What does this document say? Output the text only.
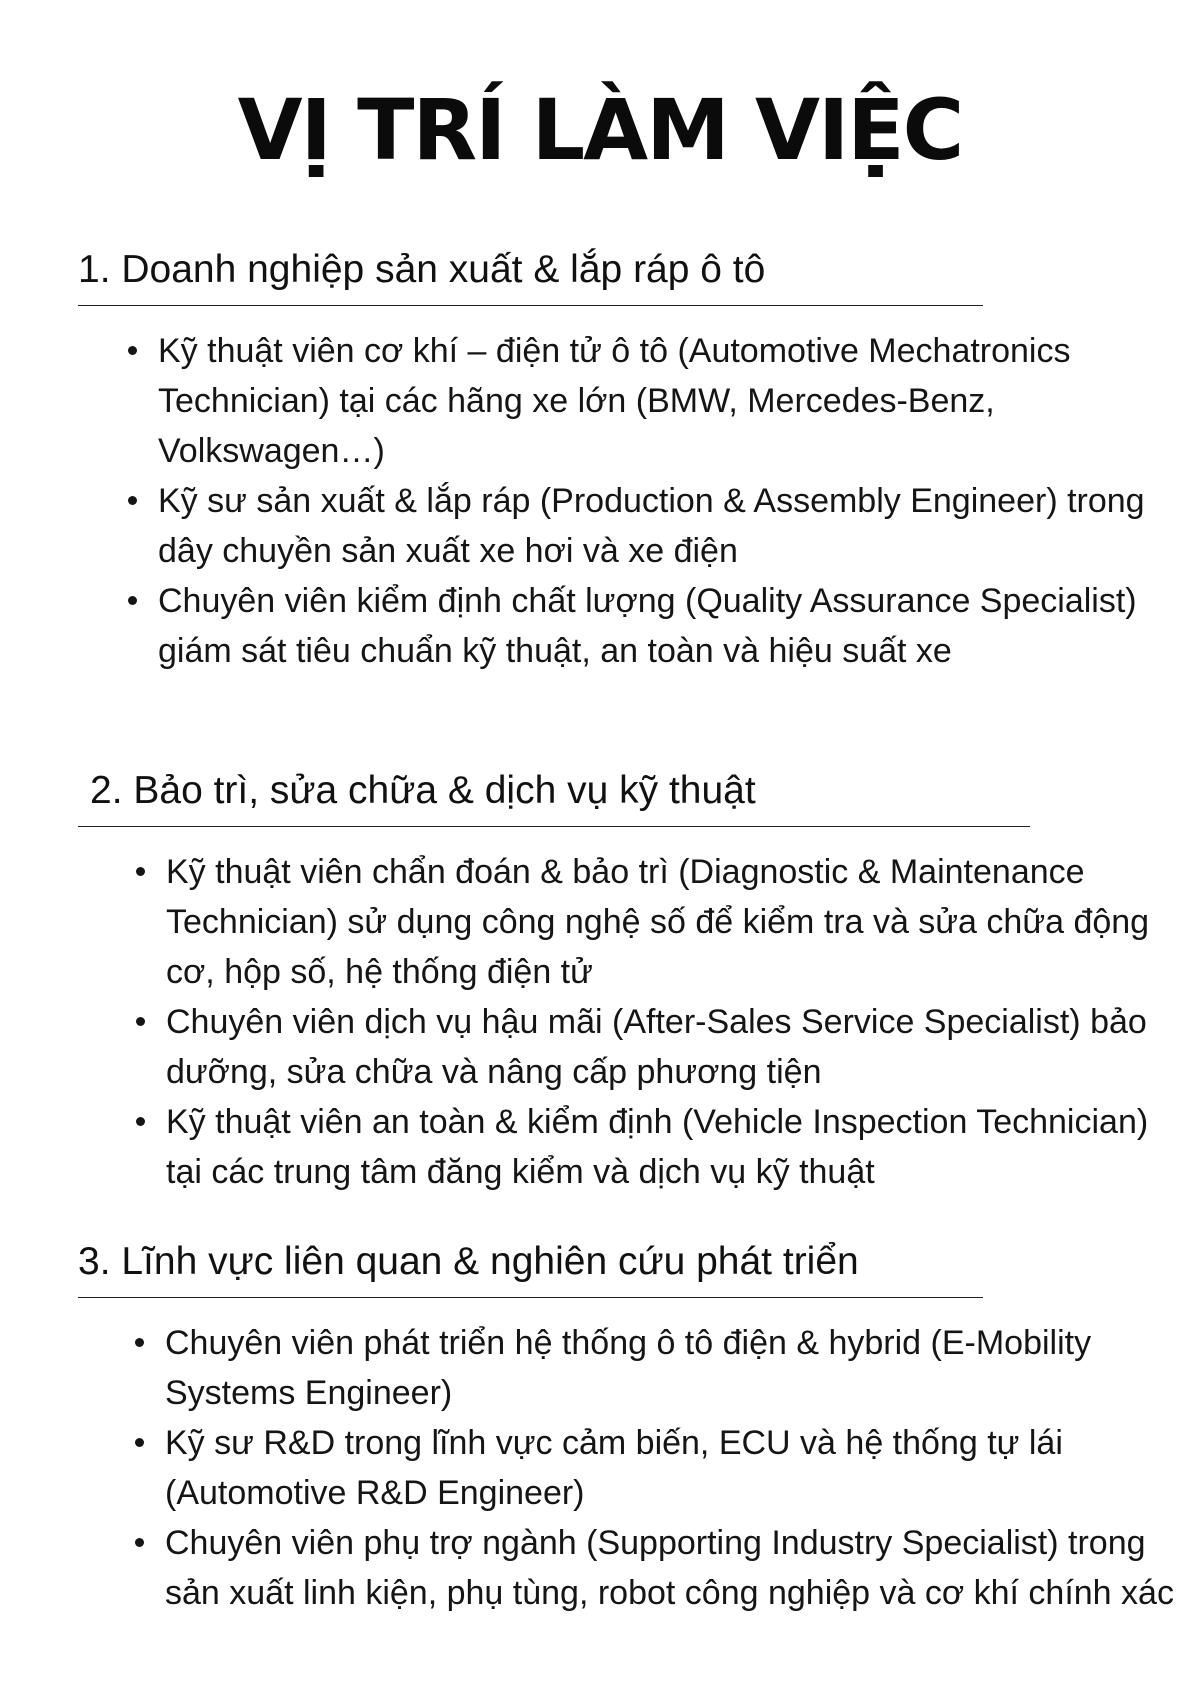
VỊ TRÍ LÀM VIỆC
1. Doanh nghiệp sản xuất & lắp ráp ô tô
Kỹ thuật viên cơ khí – điện tử ô tô (Automotive Mechatronics Technician) tại các hãng xe lớn (BMW, Mercedes-Benz, Volkswagen…)
Kỹ sư sản xuất & lắp ráp (Production & Assembly Engineer) trong dây chuyền sản xuất xe hơi và xe điện
Chuyên viên kiểm định chất lượng (Quality Assurance Specialist) giám sát tiêu chuẩn kỹ thuật, an toàn và hiệu suất xe
2. Bảo trì, sửa chữa & dịch vụ kỹ thuật
Kỹ thuật viên chẩn đoán & bảo trì (Diagnostic & Maintenance Technician) sử dụng công nghệ số để kiểm tra và sửa chữa động cơ, hộp số, hệ thống điện tử
Chuyên viên dịch vụ hậu mãi (After-Sales Service Specialist) bảo dưỡng, sửa chữa và nâng cấp phương tiện
Kỹ thuật viên an toàn & kiểm định (Vehicle Inspection Technician) tại các trung tâm đăng kiểm và dịch vụ kỹ thuật
3. Lĩnh vực liên quan & nghiên cứu phát triển
Chuyên viên phát triển hệ thống ô tô điện & hybrid (E-Mobility Systems Engineer)
Kỹ sư R&D trong lĩnh vực cảm biến, ECU và hệ thống tự lái (Automotive R&D Engineer)
Chuyên viên phụ trợ ngành (Supporting Industry Specialist) trong sản xuất linh kiện, phụ tùng, robot công nghiệp và cơ khí chính xác
